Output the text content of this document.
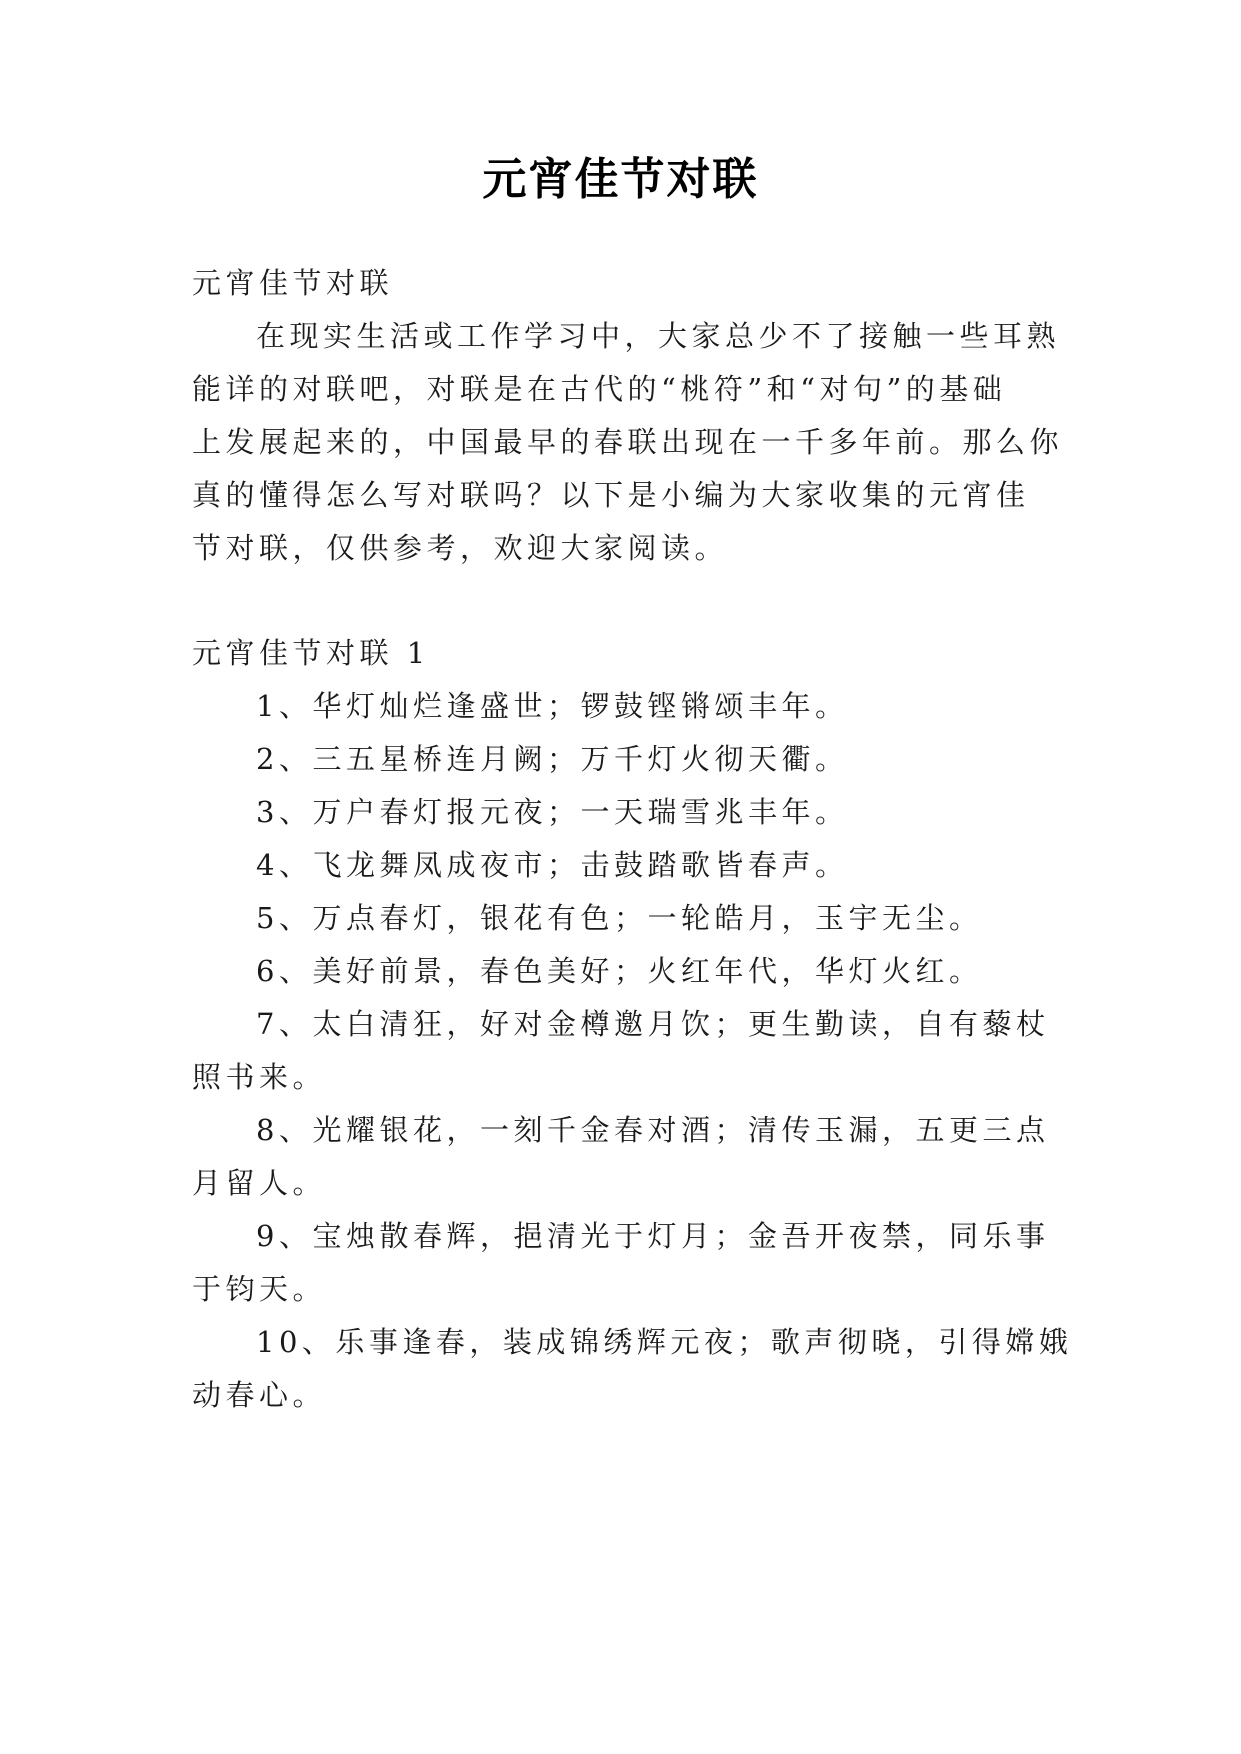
元宵佳节对联
元宵佳节对联
在现实生活或工作学习中，大家总少不了接触一些耳熟
能详的对联吧，对联是在古代的“桃符”和“对句”的基础
上发展起来的，中国最早的春联出现在一千多年前。那么你
真的懂得怎么写对联吗？以下是小编为大家收集的元宵佳
节对联，仅供参考，欢迎大家阅读。
元宵佳节对联 1
1、华灯灿烂逢盛世；锣鼓铿锵颂丰年。
2、三五星桥连月阙；万千灯火彻天衢。
3、万户春灯报元夜；一天瑞雪兆丰年。
4、飞龙舞凤成夜市；击鼓踏歌皆春声。
5、万点春灯，银花有色；一轮皓月，玉宇无尘。
6、美好前景，春色美好；火红年代，华灯火红。
7、太白清狂，好对金樽邀月饮；更生勤读，自有藜杖
照书来。
8、光耀银花，一刻千金春对酒；清传玉漏，五更三点
月留人。
9、宝烛散春辉，挹清光于灯月；金吾开夜禁，同乐事
于钧天。
10、乐事逢春，装成锦绣辉元夜；歌声彻晓，引得嫦娥
动春心。
